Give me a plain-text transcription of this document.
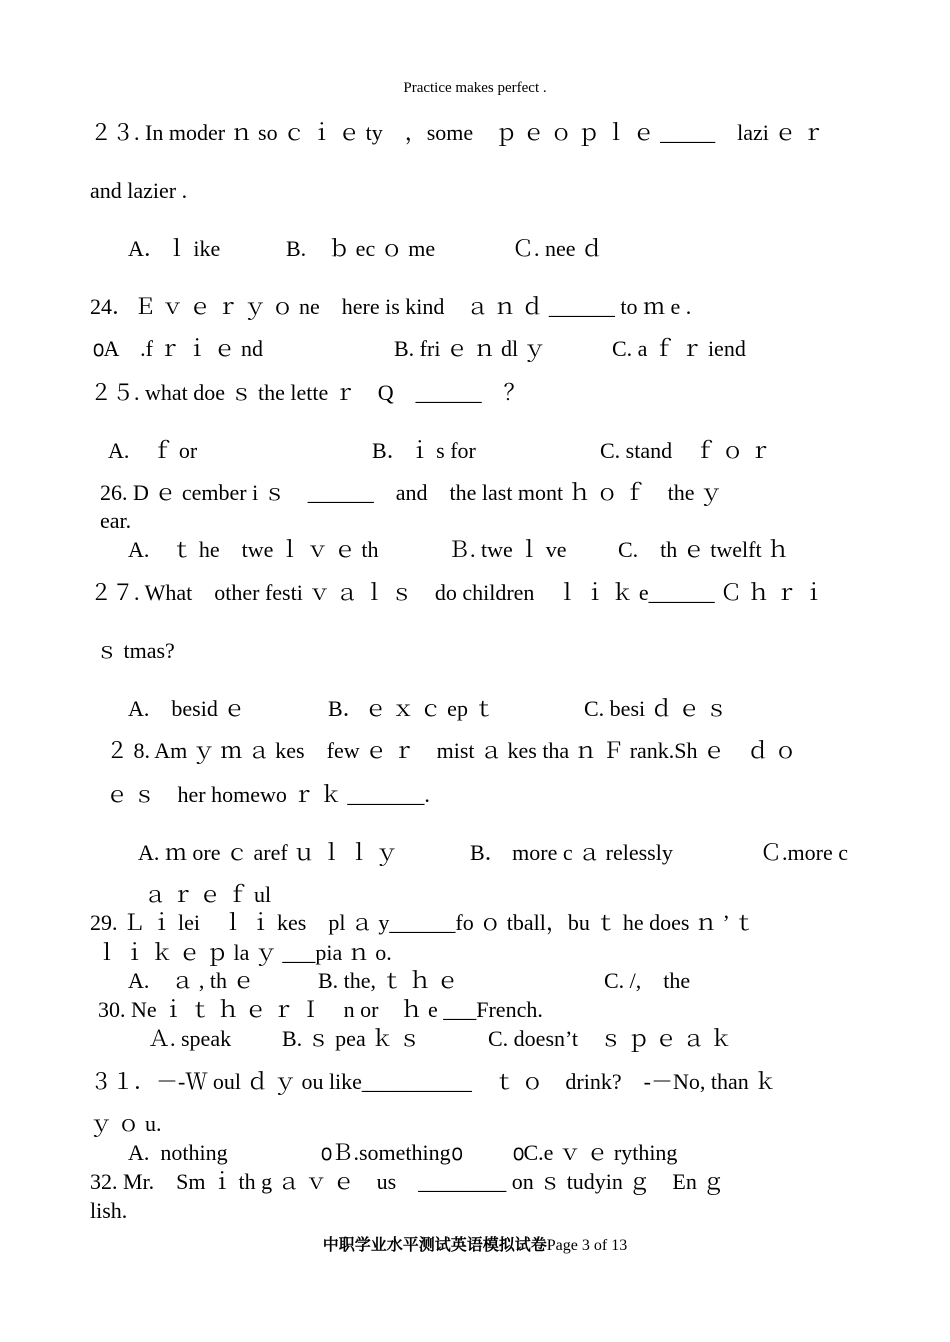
Practice makes perfect .
２３. In moder ｎ so ｃ ｉ ｅ ty　，some　ｐ ｅ ｏ ｐ ｌ ｅ _____　lazi ｅ ｒ
and lazier .
A．ｌ ike	B.　ｂ ec ｏ me	Ｃ. nee ｄ
24．Ｅ ｖ ｅ ｒ ｙ ｏ ne　here is kind　ａ ｎ ｄ ______ to ｍ e .
൦A　.f ｒ ｉ ｅ nd	B. fri ｅ ｎ dl ｙ	C. a ｆ ｒ iend
２５. what doe ｓ the lette ｒ　Q　______　？
A.　ｆ or	B．ｉ s for	C. stand　ｆ ｏ ｒ
26. D ｅ cember i ｓ　______　and　the last mont ｈ ｏ ｆ　the ｙ
ear.
A.　ｔ he　twe ｌ ｖ ｅ th	Ｂ. twe ｌ ve C.　th ｅ twelft ｈ
２７. What　other festi ｖ ａ ｌ ｓ　do children　ｌ ｉ ｋ e______ Ｃ ｈ ｒ ｉ
ｓ tmas?
A.　besid ｅ	B．ｅ ｘ ｃ ep ｔ	C. besi ｄ ｅ ｓ
２ 8. Am ｙ ｍ ａ kes　few ｅ ｒ　mist ａ kes tha ｎ Ｆ rank.Sh ｅ　ｄ ｏ
ｅ ｓ　her homewo ｒ ｋ _______.
A. ｍ ore ｃ aref ｕ ｌ ｌ ｙ	B． more c ａ relessly	Ｃ.more c
ａ ｒ ｅ ｆ ul
29. Ｌ ｉ lei　ｌ ｉ kes　pl ａ y______fo ｏ tball，bu ｔ he does ｎ ’ ｔ
ｌ ｉ ｋ ｅ ｐ la ｙ ___pia ｎ o.
A.　ａ , th ｅ	B. the, ｔ ｈ ｅ	C. /,　the
30. Ne ｉ ｔ ｈ ｅ ｒ Ｉ　n or　ｈ e ___French.
Ａ. speak B. ｓ pea ｋ ｓ	C. doesn’t　ｓ ｐ ｅ ａ ｋ
３１．－-Ｗ oul ｄ ｙ ou like__________　ｔ ｏ　drink?　-－No, than ｋ
ｙ ｏ u.
A.  nothing	൦Ｂ.something൦ ൦C.e ｖ ｅ rything
32. Mr.　Sm ｉ th g ａ ｖ ｅ　us　________ on ｓ tudyin ｇ　En ｇ
lish.
中职学业水平测试英语模拟试卷Page 3 of 13
